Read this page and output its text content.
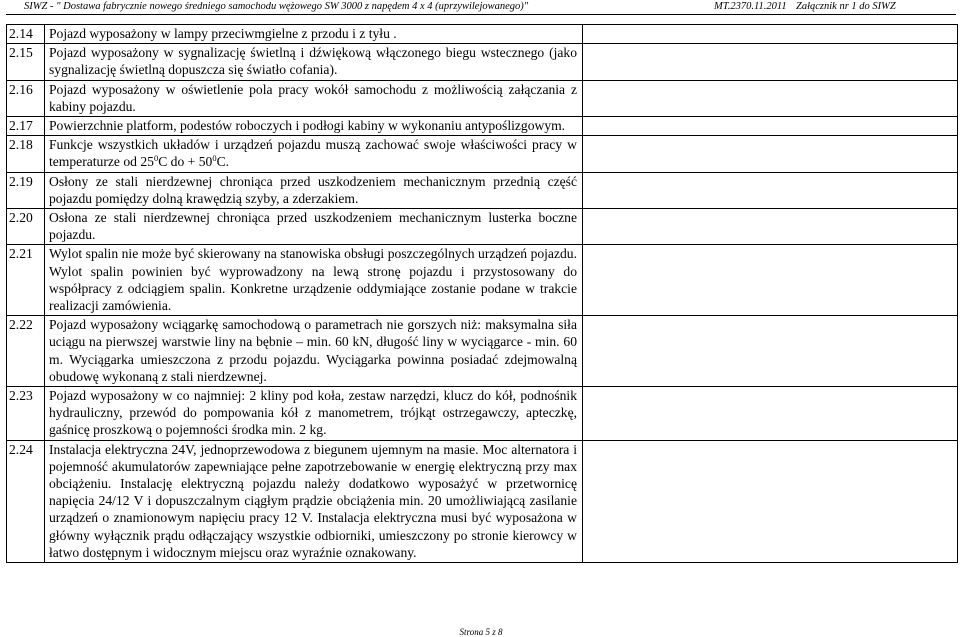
SIWZ - " Dostawa fabrycznie nowego średniego samochodu wężowego SW 3000 z napędem 4 x 4 (uprzywilejowanego)"	MT.2370.11.2011 Załącznik nr 1 do SIWZ
2.14	Pojazd wyposażony w lampy przeciwmgielne z przodu i z tyłu .	
2.15	Pojazd wyposażony w sygnalizację świetlną i dźwiękową włączonego biegu wstecznego (jako sygnalizację świetlną dopuszcza się światło cofania).	
2.16	Pojazd wyposażony w oświetlenie pola pracy wokół samochodu z możliwością załączania z kabiny pojazdu.	
2.17	Powierzchnie platform, podestów roboczych i podłogi kabiny w wykonaniu antypoślizgowym.	
2.18	Funkcje wszystkich układów i urządzeń pojazdu muszą zachować swoje właściwości pracy w temperaturze od $25^0C$ do + $50^0C$.	
2.19	Osłony ze stali nierdzewnej chroniąca przed uszkodzeniem mechanicznym przednią część pojazdu pomiędzy dolną krawędzią szyby, a zderzakiem.	
2.20	Osłona ze stali nierdzewnej chroniąca przed uszkodzeniem mechanicznym lusterka boczne pojazdu.	
2.21	Wylot spalin nie może być skierowany na stanowiska obsługi poszczególnych urządzeń pojazdu. Wylot spalin powinien być wyprowadzony na lewą stronę pojazdu i przystosowany do współpracy z odciągiem spalin. Konkretne urządzenie oddymiające zostanie podane w trakcie realizacji zamówienia.	
2.22	Pojazd wyposażony wciągarkę samochodową o parametrach nie gorszych niż: maksymalna siła uciągu na pierwszej warstwie liny na bębnie – min. 60 kN, długość liny w wyciągarce - min. 60 m. Wyciągarka umieszczona z przodu pojazdu. Wyciągarka powinna posiadać zdejmowalną obudowę wykonaną z stali nierdzewnej.	
2.23	Pojazd wyposażony w co najmniej: 2 kliny pod koła, zestaw narzędzi, klucz do kół, podnośnik hydrauliczny, przewód do pompowania kół z manometrem, trójkąt ostrzegawczy, apteczkę, gaśnicę proszkową o pojemności środka min. 2 kg.	
2.24	Instalacja elektryczna 24V, jednoprzewodowa z biegunem ujemnym na masie. Moc alternatora i pojemność akumulatorów zapewniające pełne zapotrzebowanie w energię elektryczną przy max obciążeniu. Instalację elektryczną pojazdu należy dodatkowo wyposażyć w przetwornicę napięcia 24/12 V i dopuszczalnym ciągłym prądzie obciążenia min. 20 umożliwiającą zasilanie urządzeń o znamionowym napięciu pracy 12 V. Instalacja elektryczna musi być wyposażona w główny wyłącznik prądu odłączający wszystkie odbiorniki, umieszczony po stronie kierowcy w łatwo dostępnym i widocznym miejscu oraz wyraźnie oznakowany.	
Strona 5 z 8
